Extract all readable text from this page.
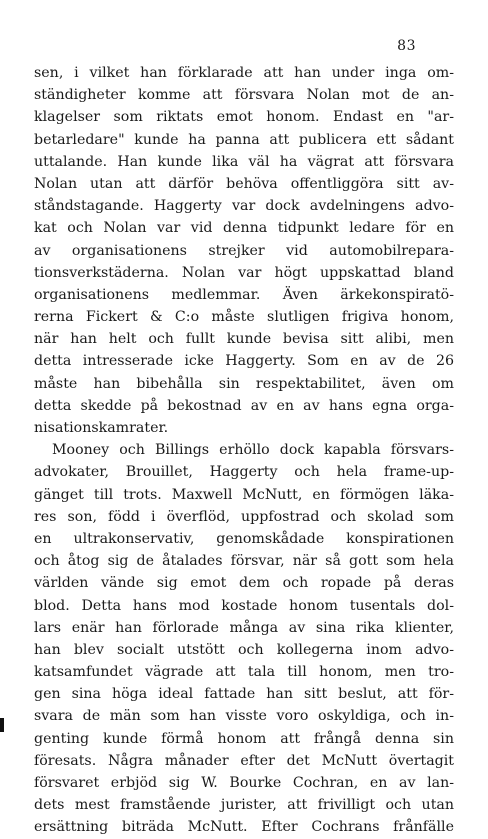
83
sen, i vilket han förklarade att han under inga om-
ständigheter komme att försvara Nolan mot de an-
klagelser som riktats emot honom. Endast en "ar-
betarledare" kunde ha panna att publicera ett sådant
uttalande. Han kunde lika väl ha vägrat att försvara
Nolan utan att därför behöva offentliggöra sitt av-
ståndstagande. Haggerty var dock avdelningens advo-
kat och Nolan var vid denna tidpunkt ledare för en
av organisationens strejker vid automobilrepara-
tionsverkstäderna. Nolan var högt uppskattad bland
organisationens medlemmar. Även ärkekonspiratö-
rerna Fickert & C:o måste slutligen frigiva honom,
när han helt och fullt kunde bevisa sitt alibi, men
detta intresserade icke Haggerty. Som en av de 26
måste han bibehålla sin respektabilitet, även om
detta skedde på bekostnad av en av hans egna orga-
nisationskamrater.
Mooney och Billings erhöllo dock kapabla försvars-
advokater, Brouillet, Haggerty och hela frame-up-
gänget till trots. Maxwell McNutt, en förmögen läka-
res son, född i överflöd, uppfostrad och skolad som
en ultrakonservativ, genomskådade konspirationen
och åtog sig de åtalades försvar, när så gott som hela
världen vände sig emot dem och ropade på deras
blod. Detta hans mod kostade honom tusentals dol-
lars enär han förlorade många av sina rika klienter,
han blev socialt utstött och kollegerna inom advo-
katsamfundet vägrade att tala till honom, men tro-
gen sina höga ideal fattade han sitt beslut, att för-
svara de män som han visste voro oskyldiga, och in-
genting kunde förmå honom att frångå denna sin
föresats. Några månader efter det McNutt övertagit
försvaret erbjöd sig W. Bourke Cochran, en av lan-
dets mest framstående jurister, att frivilligt och utan
ersättning biträda McNutt. Efter Cochrans frånfälle
